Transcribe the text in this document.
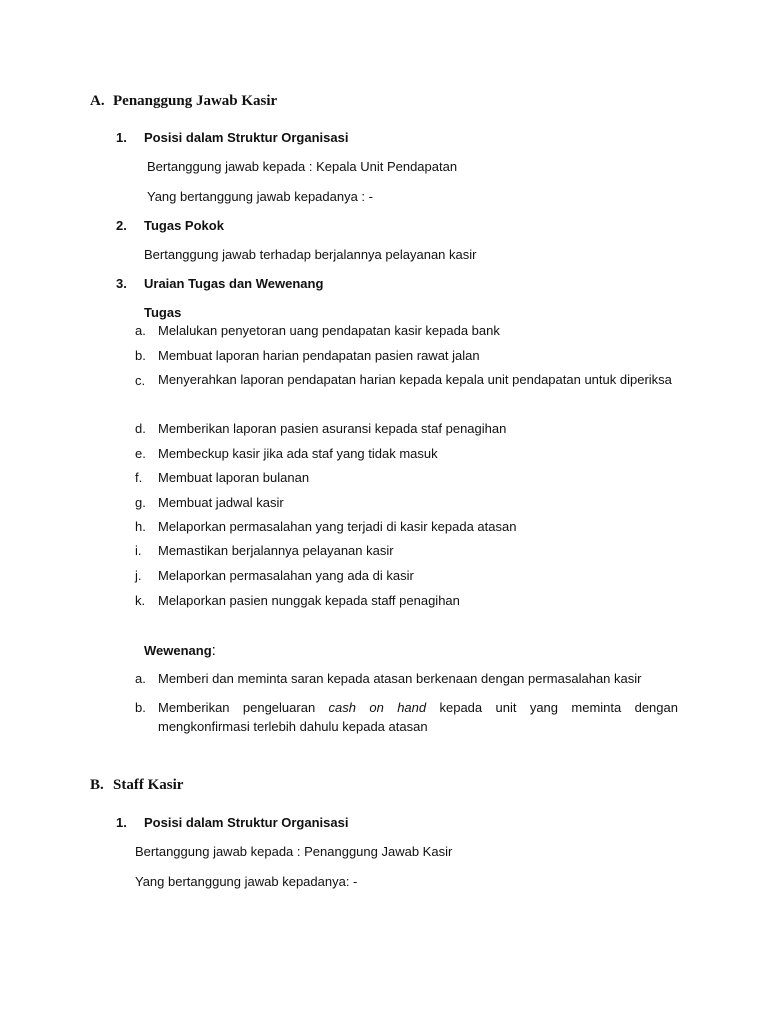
A. Penanggung Jawab Kasir
1. Posisi dalam Struktur Organisasi
Bertanggung jawab kepada : Kepala Unit Pendapatan
Yang bertanggung jawab kepadanya : -
2. Tugas Pokok
Bertanggung jawab terhadap berjalannya pelayanan kasir
3. Uraian Tugas dan Wewenang
Tugas
a. Melalukan penyetoran uang pendapatan kasir kepada bank
b. Membuat laporan harian pendapatan pasien rawat jalan
c. Menyerahkan laporan pendapatan harian kepada kepala unit pendapatan untuk diperiksa
d. Memberikan laporan pasien asuransi kepada staf penagihan
e. Membeckup kasir jika ada staf yang tidak masuk
f. Membuat laporan bulanan
g. Membuat jadwal kasir
h. Melaporkan permasalahan yang terjadi di kasir kepada atasan
i. Memastikan berjalannya pelayanan kasir
j. Melaporkan permasalahan yang ada di kasir
k. Melaporkan pasien nunggak kepada staff penagihan
Wewenang:
a. Memberi dan meminta saran kepada atasan berkenaan dengan permasalahan kasir
b. Memberikan pengeluaran cash on hand kepada unit yang meminta dengan mengkonfirmasi terlebih dahulu kepada atasan
B. Staff Kasir
1. Posisi dalam Struktur Organisasi
Bertanggung jawab kepada : Penanggung Jawab Kasir
Yang bertanggung jawab kepadanya: -
